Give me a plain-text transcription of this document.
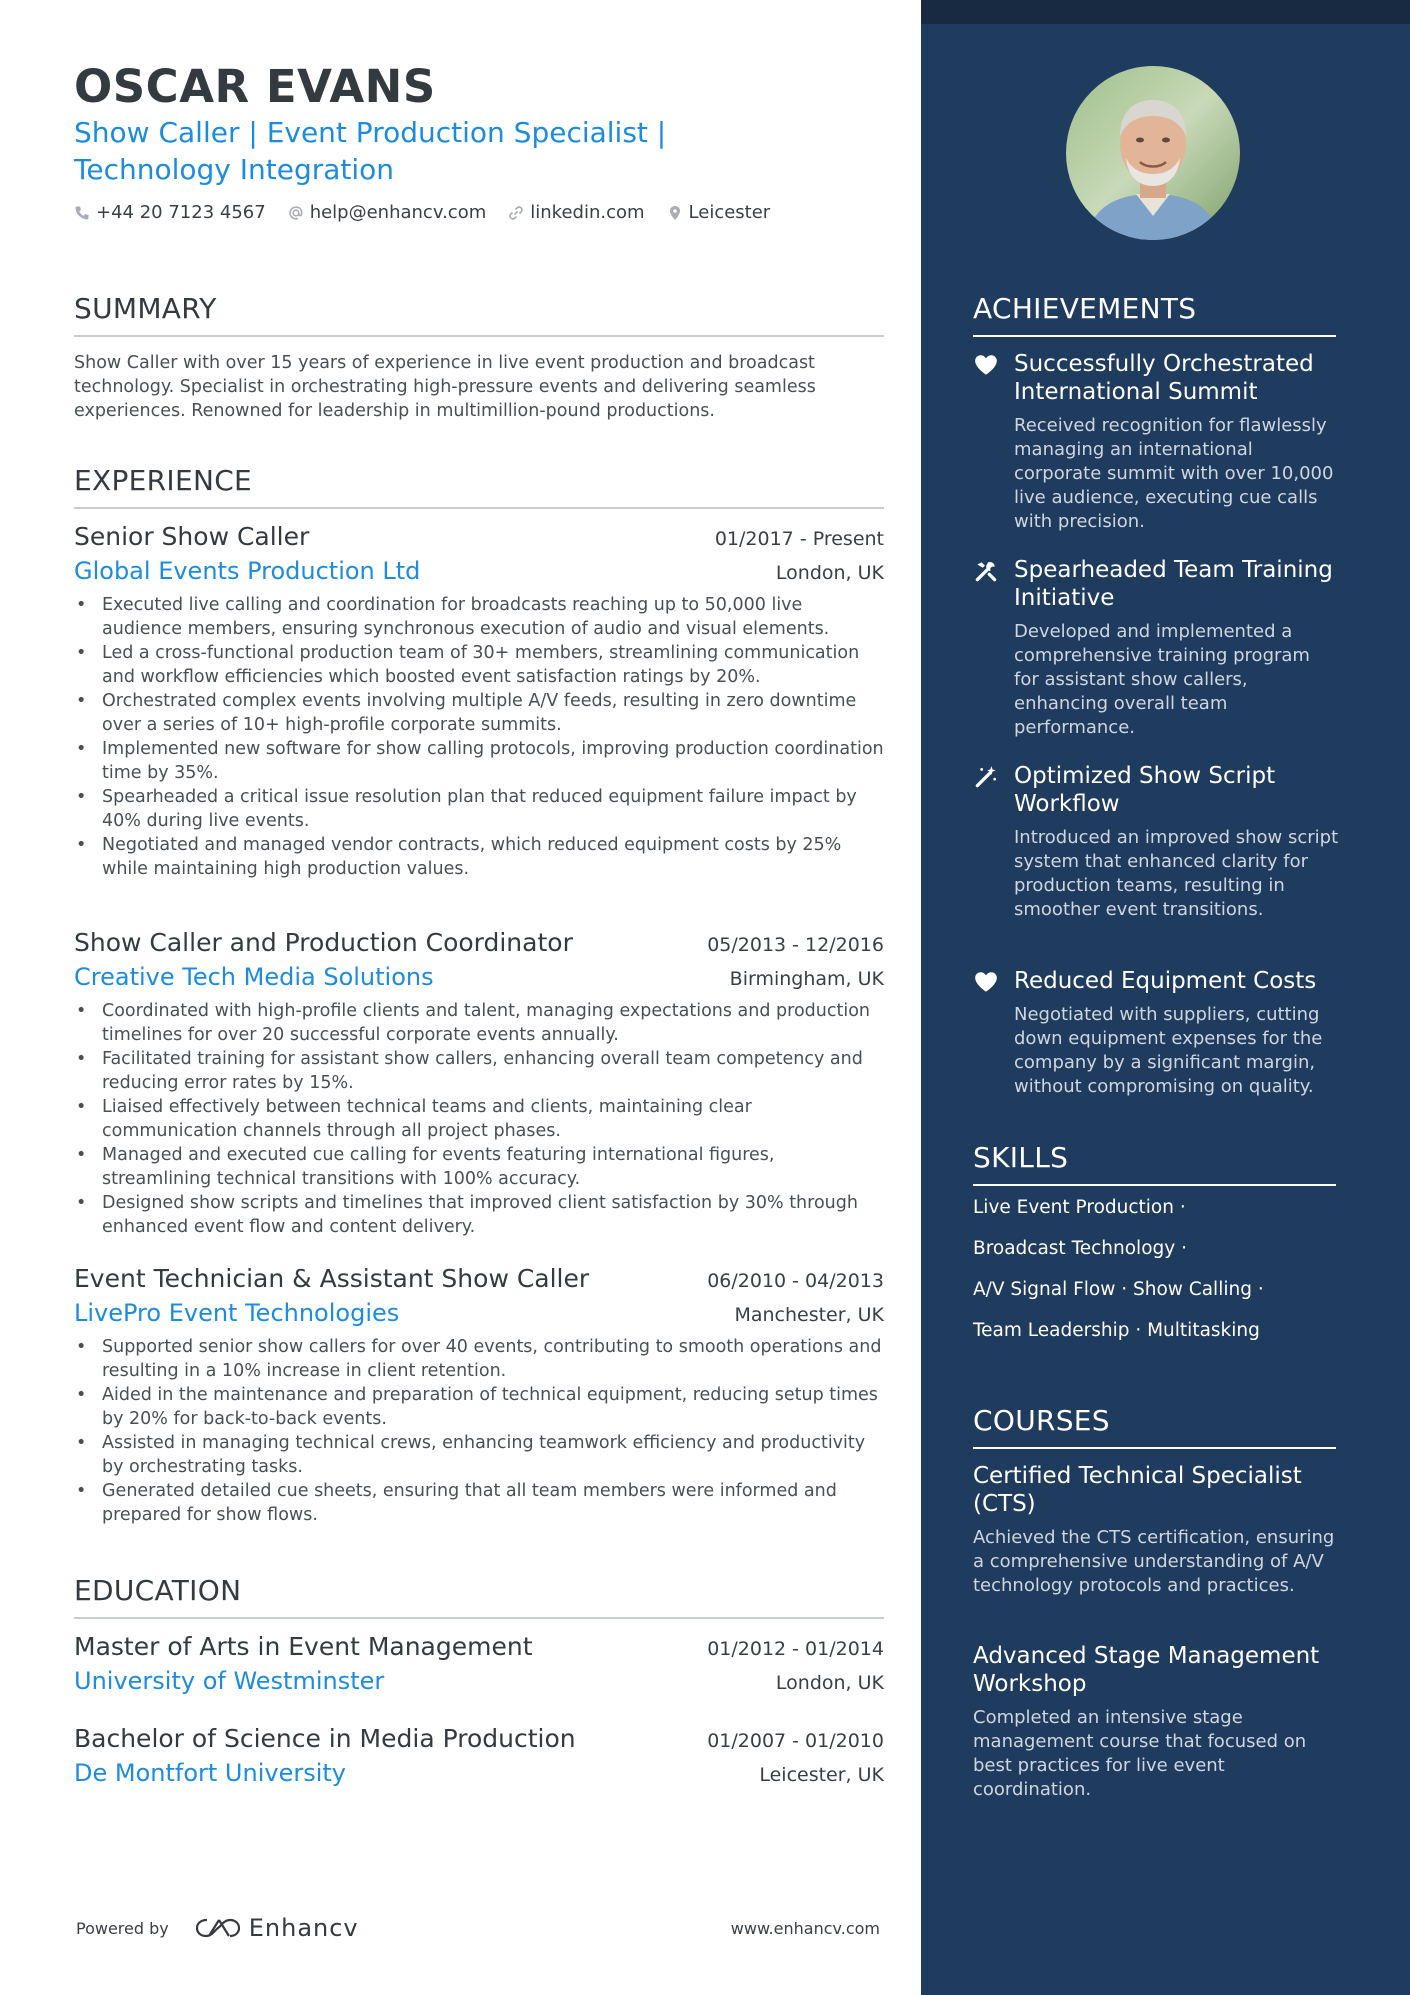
OSCAR EVANS
Show Caller | Event Production Specialist | Technology Integration
+44 20 7123 4567 help@enhancv.com linkedin.com Leicester
SUMMARY
Show Caller with over 15 years of experience in live event production and broadcast technology. Specialist in orchestrating high-pressure events and delivering seamless experiences. Renowned for leadership in multimillion-pound productions.
EXPERIENCE
Senior Show Caller	01/2017 - Present
Global Events Production Ltd	London, UK
• Executed live calling and coordination for broadcasts reaching up to 50,000 live audience members, ensuring synchronous execution of audio and visual elements.
• Led a cross-functional production team of 30+ members, streamlining communication and workflow efficiencies which boosted event satisfaction ratings by 20%.
• Orchestrated complex events involving multiple A/V feeds, resulting in zero downtime over a series of 10+ high-profile corporate summits.
• Implemented new software for show calling protocols, improving production coordination time by 35%.
• Spearheaded a critical issue resolution plan that reduced equipment failure impact by 40% during live events.
• Negotiated and managed vendor contracts, which reduced equipment costs by 25% while maintaining high production values.
Show Caller and Production Coordinator	05/2013 - 12/2016
Creative Tech Media Solutions	Birmingham, UK
• Coordinated with high-profile clients and talent, managing expectations and production timelines for over 20 successful corporate events annually.
• Facilitated training for assistant show callers, enhancing overall team competency and reducing error rates by 15%.
• Liaised effectively between technical teams and clients, maintaining clear communication channels through all project phases.
• Managed and executed cue calling for events featuring international figures, streamlining technical transitions with 100% accuracy.
• Designed show scripts and timelines that improved client satisfaction by 30% through enhanced event flow and content delivery.
Event Technician & Assistant Show Caller	06/2010 - 04/2013
LivePro Event Technologies	Manchester, UK
• Supported senior show callers for over 40 events, contributing to smooth operations and resulting in a 10% increase in client retention.
• Aided in the maintenance and preparation of technical equipment, reducing setup times by 20% for back-to-back events.
• Assisted in managing technical crews, enhancing teamwork efficiency and productivity by orchestrating tasks.
• Generated detailed cue sheets, ensuring that all team members were informed and prepared for show flows.
EDUCATION
Master of Arts in Event Management	01/2012 - 01/2014
University of Westminster	London, UK
Bachelor of Science in Media Production	01/2007 - 01/2010
De Montfort University	Leicester, UK
Powered by	Enhancv	www.enhancv.com
ACHIEVEMENTS
Successfully Orchestrated International Summit
Received recognition for flawlessly managing an international corporate summit with over 10,000 live audience, executing cue calls with precision.
Spearheaded Team Training Initiative
Developed and implemented a comprehensive training program for assistant show callers, enhancing overall team performance.
Optimized Show Script Workflow
Introduced an improved show script system that enhanced clarity for production teams, resulting in smoother event transitions.
Reduced Equipment Costs
Negotiated with suppliers, cutting down equipment expenses for the company by a significant margin, without compromising on quality.
SKILLS
Live Event Production ·
Broadcast Technology ·
A/V Signal Flow · Show Calling ·
Team Leadership · Multitasking
COURSES
Certified Technical Specialist (CTS)
Achieved the CTS certification, ensuring a comprehensive understanding of A/V technology protocols and practices.
Advanced Stage Management Workshop
Completed an intensive stage management course that focused on best practices for live event coordination.
